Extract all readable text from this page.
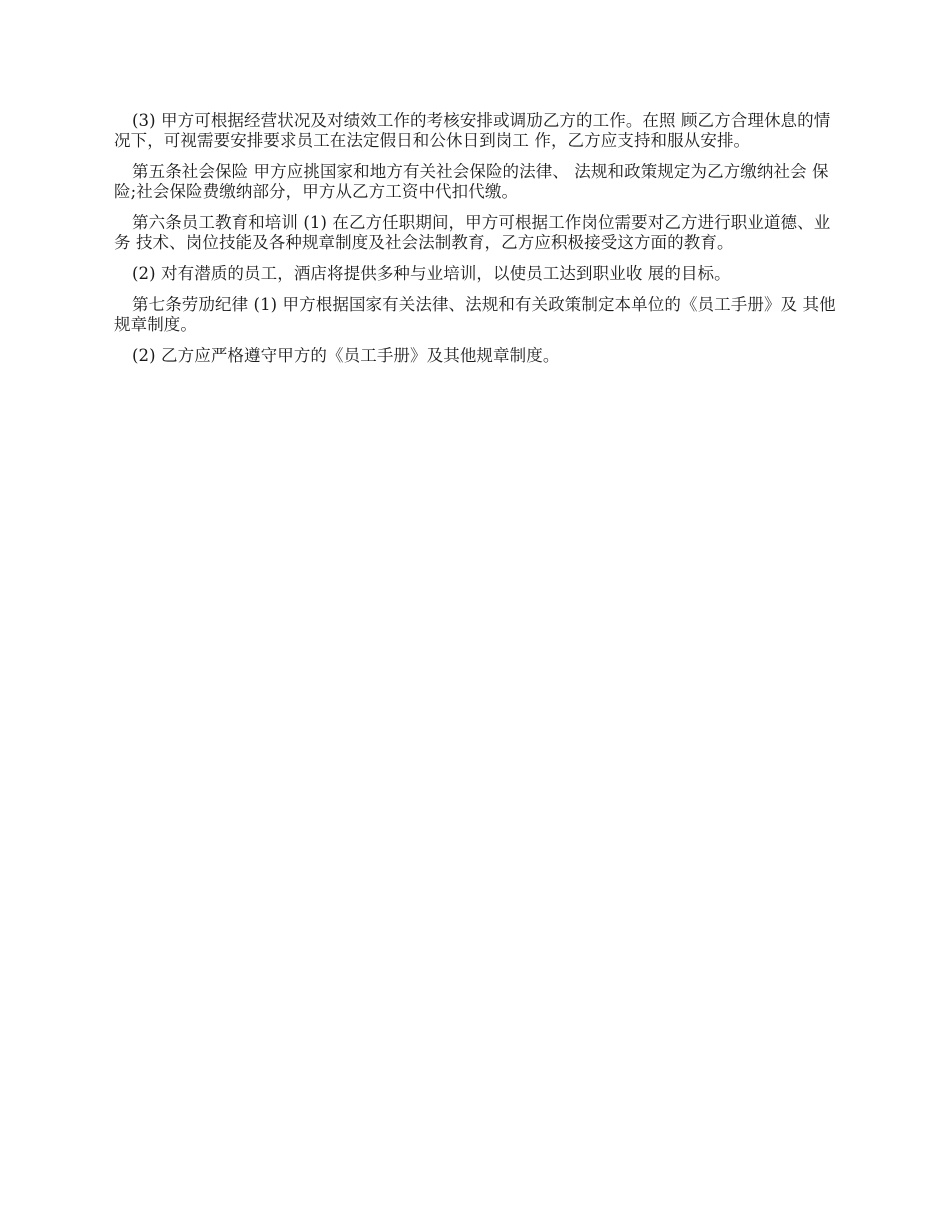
(3) 甲方可根据经营状况及对绩效工作的考核安排或调劢乙方的工作。在照 顾乙方合理休息的情况下，可视需要安排要求员工在法定假日和公休日到岗工 作，乙方应支持和服从安排。

第五条社会保险 甲方应挑国家和地方有关社会保险的法律、 法规和政策规定为乙方缴纳社会 保险;社会保险费缴纳部分，甲方从乙方工资中代扣代缴。

第六条员工教育和培训 (1) 在乙方任职期间，甲方可根据工作岗位需要对乙方进行职业道德、业务 技术、岗位技能及各种规章制度及社会法制教育，乙方应积极接受这方面的教育。

(2) 对有潜质的员工，酒店将提供多种与业培训，以使员工达到职业收 展的目标。

第七条劳劢纪律 (1) 甲方根据国家有关法律、法规和有关政策制定本单位的《员工手册》及 其他规章制度。

(2) 乙方应严格遵守甲方的《员工手册》及其他规章制度。
